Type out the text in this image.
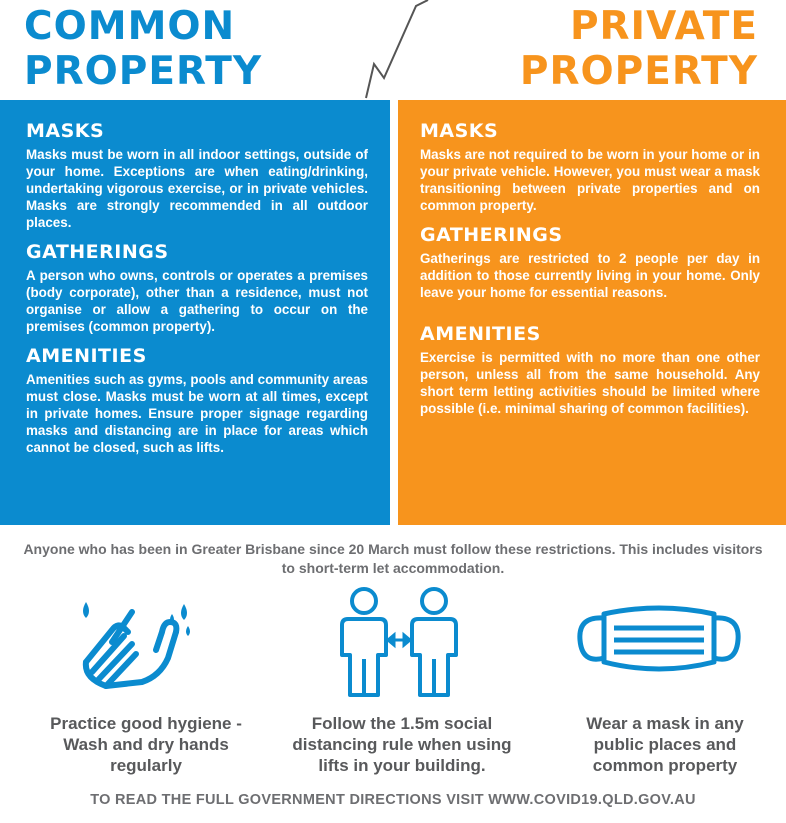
COMMON
PROPERTY
PRIVATE
PROPERTY
MASKS
Masks must be worn in all indoor settings, outside of your home. Exceptions are when eating/drinking, undertaking vigorous exercise, or in private vehicles. Masks are strongly recommended in all outdoor places.
GATHERINGS
A person who owns, controls or operates a premises (body corporate), other than a residence, must not organise or allow a gathering to occur on the premises (common property).
AMENITIES
Amenities such as gyms, pools and community areas must close. Masks must be worn at all times, except in private homes. Ensure proper signage regarding masks and distancing are in place for areas which cannot be closed, such as lifts.
MASKS
Masks are not required to be worn in your home or in your private vehicle. However, you must wear a mask transitioning between private properties and on common property.
GATHERINGS
Gatherings are restricted to 2 people per day in addition to those currently living in your home. Only leave your home for essential reasons.
AMENITIES
Exercise is permitted with no more than one other person, unless all from the same household. Any short term letting activities should be limited where possible (i.e. minimal sharing of common facilities).
Anyone who has been in Greater Brisbane since 20 March must follow these restrictions. This includes visitors to short-term let accommodation.
Practice good hygiene - Wash and dry hands regularly
Follow the 1.5m social distancing rule when using lifts in your building.
Wear a mask in any public places and common property
TO READ THE FULL GOVERNMENT DIRECTIONS VISIT WWW.COVID19.QLD.GOV.AU
